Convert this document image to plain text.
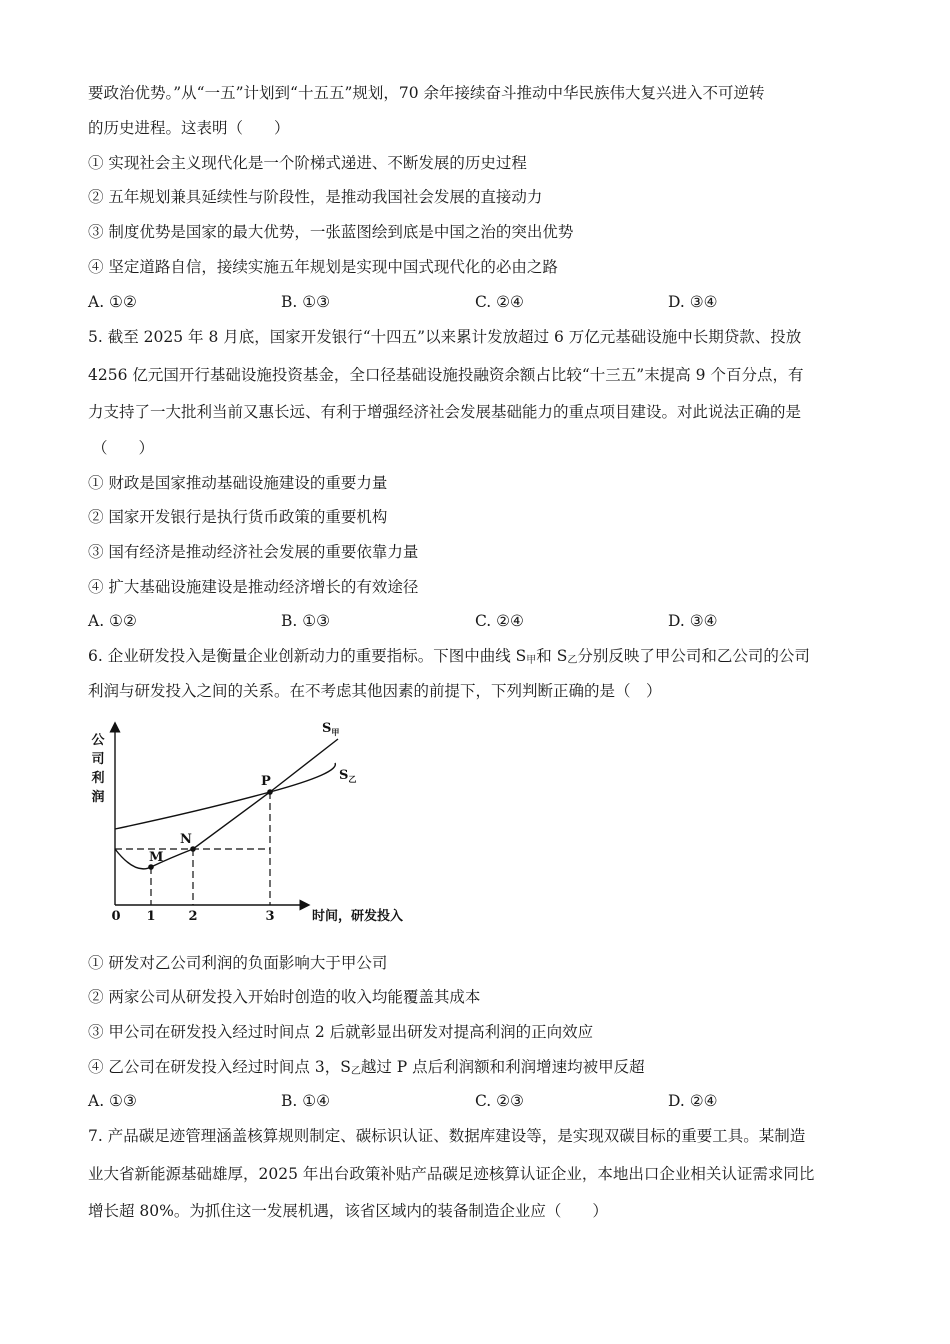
要政治优势。”从“一五”计划到“十五五”规划，70 余年接续奋斗推动中华民族伟大复兴进入不可逆转
的历史进程。这表明（　　）
① 实现社会主义现代化是一个阶梯式递进、不断发展的历史过程
② 五年规划兼具延续性与阶段性，是推动我国社会发展的直接动力
③ 制度优势是国家的最大优势，一张蓝图绘到底是中国之治的突出优势
④ 坚定道路自信，接续实施五年规划是实现中国式现代化的必由之路
A. ①②	B. ①③	C. ②④	D. ③④
5. 截至 2025 年 8 月底，国家开发银行“十四五”以来累计发放超过 6 万亿元基础设施中长期贷款、投放
4256 亿元国开行基础设施投资基金，全口径基础设施投融资余额占比较“十三五”末提高 9 个百分点，有
力支持了一大批利当前又惠长远、有利于增强经济社会发展基础能力的重点项目建设。对此说法正确的是
（　　）
① 财政是国家推动基础设施建设的重要力量
② 国家开发银行是执行货币政策的重要机构
③ 国有经济是推动经济社会发展的重要依靠力量
④ 扩大基础设施建设是推动经济增长的有效途径
A. ①②	B. ①③	C. ②④	D. ③④
6. 企业研发投入是衡量企业创新动力的重要指标。下图中曲线 $S_甲$和 $S_乙$分别反映了甲公司和乙公司的公司
利润与研发投入之间的关系。在不考虑其他因素的前提下，下列判断正确的是（　）
公
司
利
润
时间，研发投入
0 1	2	3
M
N
P
$S_甲$
$S_乙$
① 研发对乙公司利润的负面影响大于甲公司
② 两家公司从研发投入开始时创造的收入均能覆盖其成本
③ 甲公司在研发投入经过时间点 2 后就彰显出研发对提高利润的正向效应
④ 乙公司在研发投入经过时间点 3，$S_乙$越过 P 点后利润额和利润增速均被甲反超
A. ①③	B. ①④	C. ②③	D. ②④
7. 产品碳足迹管理涵盖核算规则制定、碳标识认证、数据库建设等，是实现双碳目标的重要工具。某制造
业大省新能源基础雄厚，2025 年出台政策补贴产品碳足迹核算认证企业，本地出口企业相关认证需求同比
增长超 80%。为抓住这一发展机遇，该省区域内的装备制造企业应（　　）
